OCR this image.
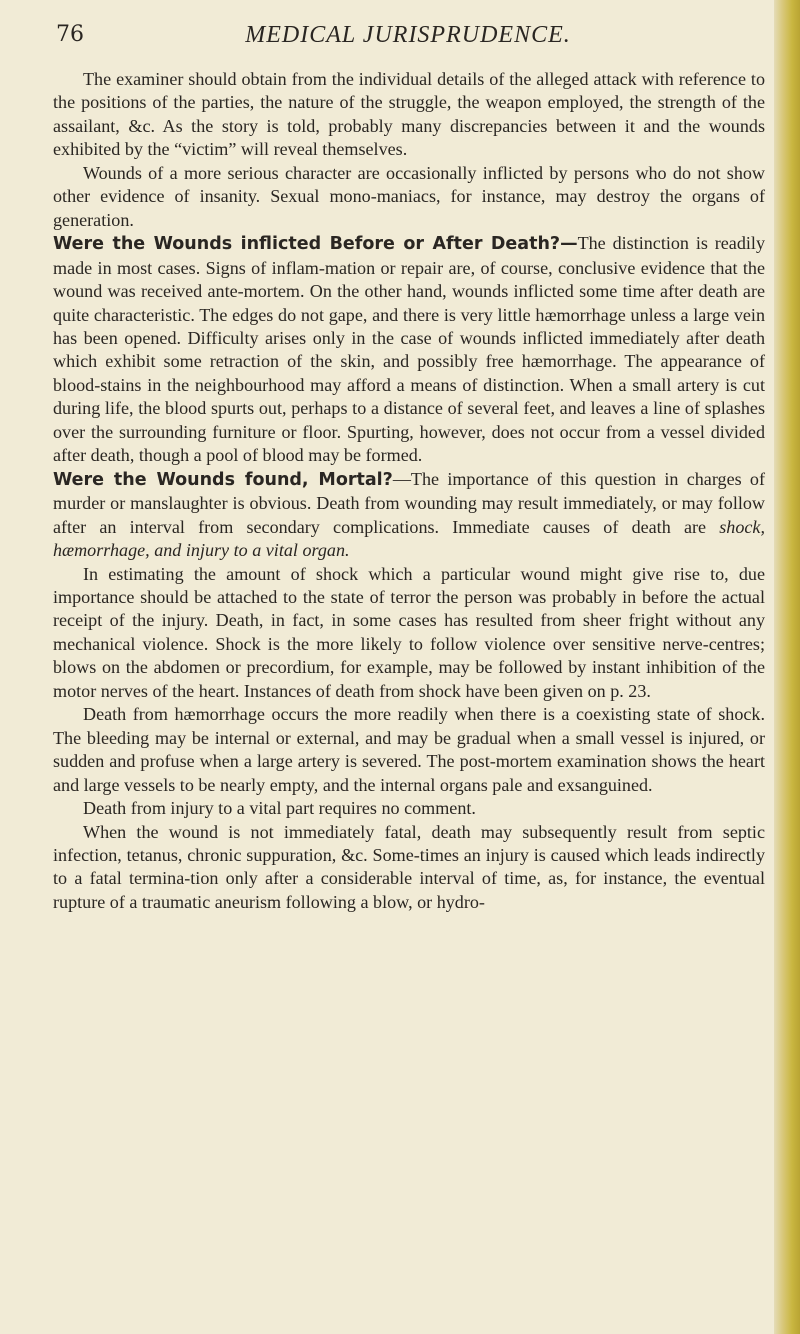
76	MEDICAL JURISPRUDENCE.

The examiner should obtain from the individual details of the alleged attack with reference to the positions of the parties, the nature of the struggle, the weapon employed, the strength of the assailant, &c. As the story is told, probably many discrepancies between it and the wounds exhibited by the “victim” will reveal themselves.

Wounds of a more serious character are occasionally inflicted by persons who do not show other evidence of insanity. Sexual mono-maniacs, for instance, may destroy the organs of generation.

Were the Wounds inflicted Before or After Death?—The distinction is readily made in most cases. Signs of inflam-mation or repair are, of course, conclusive evidence that the wound was received ante-mortem. On the other hand, wounds inflicted some time after death are quite characteristic. The edges do not gape, and there is very little hæmorrhage unless a large vein has been opened. Difficulty arises only in the case of wounds inflicted immediately after death which exhibit some retraction of the skin, and possibly free hæmorrhage. The appearance of blood-stains in the neighbourhood may afford a means of distinction. When a small artery is cut during life, the blood spurts out, perhaps to a distance of several feet, and leaves a line of splashes over the surrounding furniture or floor. Spurting, however, does not occur from a vessel divided after death, though a pool of blood may be formed.

Were the Wounds found, Mortal?—The importance of this question in charges of murder or manslaughter is obvious. Death from wounding may result immediately, or may follow after an interval from secondary complications. Immediate causes of death are shock, hæmorrhage, and injury to a vital organ.

In estimating the amount of shock which a particular wound might give rise to, due importance should be attached to the state of terror the person was probably in before the actual receipt of the injury. Death, in fact, in some cases has resulted from sheer fright without any mechanical violence. Shock is the more likely to follow violence over sensitive nerve-centres; blows on the abdomen or precordium, for example, may be followed by instant inhibition of the motor nerves of the heart. Instances of death from shock have been given on p. 23.

Death from hæmorrhage occurs the more readily when there is a coexisting state of shock. The bleeding may be internal or external, and may be gradual when a small vessel is injured, or sudden and profuse when a large artery is severed. The post-mortem examination shows the heart and large vessels to be nearly empty, and the internal organs pale and exsanguined.

Death from injury to a vital part requires no comment.

When the wound is not immediately fatal, death may subsequently result from septic infection, tetanus, chronic suppuration, &c. Some-times an injury is caused which leads indirectly to a fatal termina-tion only after a considerable interval of time, as, for instance, the eventual rupture of a traumatic aneurism following a blow, or hydro-
